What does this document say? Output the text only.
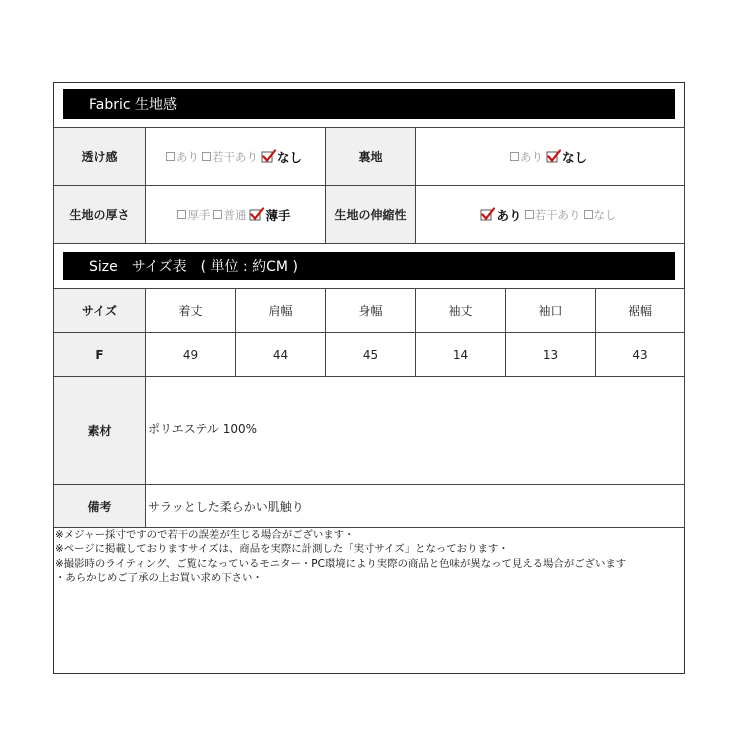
Fabric 生地感
透け感	あり 若干あり なし	裏地	あり なし
生地の厚さ	厚手 普通 薄手	生地の伸縮性	あり 若干あり なし
Size　サイズ表　( 単位 : 約CM )
サイズ	着丈	肩幅	身幅	袖丈	袖口	裾幅
F	49	44	45	14	13	43
素材	ポリエステル 100%
備考	サラッとした柔らかい肌触り
※メジャー採寸ですので若干の誤差が生じる場合がございます・
※ページに掲載しておりますサイズは、商品を実際に計測した「実寸サイズ」となっております・
※撮影時のライティング、ご覧になっているモニター・PC環境により実際の商品と色味が異なって見える場合がございます
・あらかじめご了承の上お買い求め下さい・
